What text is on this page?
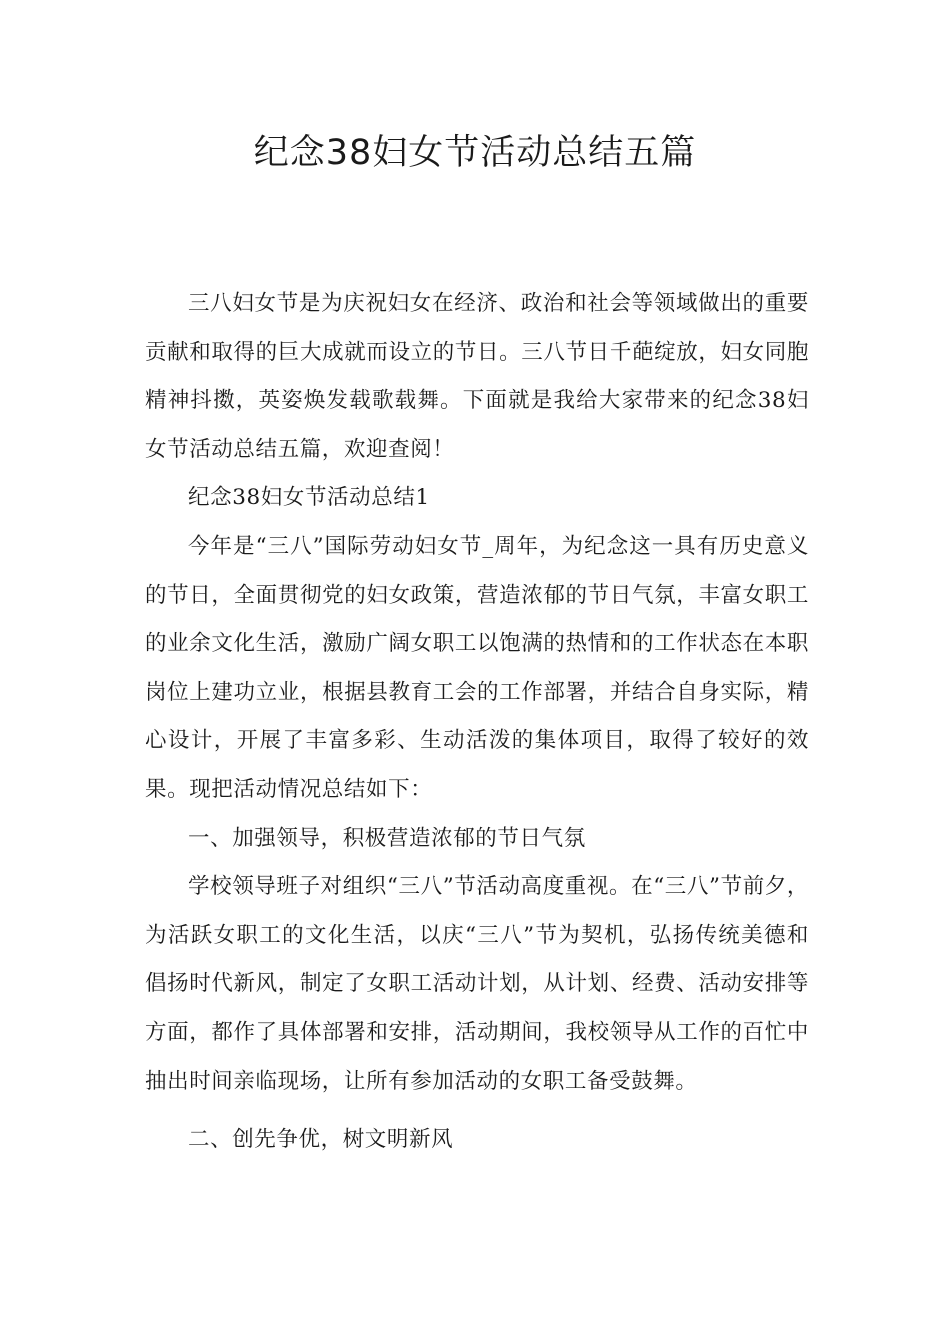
纪念38妇女节活动总结五篇

三八妇女节是为庆祝妇女在经济、政治和社会等领域做出的重要贡献和取得的巨大成就而设立的节日。三八节日千葩绽放，妇女同胞精神抖擞，英姿焕发载歌载舞。下面就是我给大家带来的纪念38妇女节活动总结五篇，欢迎查阅！

纪念38妇女节活动总结1

今年是“三八”国际劳动妇女节_周年，为纪念这一具有历史意义的节日，全面贯彻党的妇女政策，营造浓郁的节日气氛，丰富女职工的业余文化生活，激励广阔女职工以饱满的热情和的工作状态在本职岗位上建功立业，根据县教育工会的工作部署，并结合自身实际，精心设计，开展了丰富多彩、生动活泼的集体项目，取得了较好的效果。现把活动情况总结如下：

一、加强领导，积极营造浓郁的节日气氛

学校领导班子对组织“三八”节活动高度重视。在“三八”节前夕，为活跃女职工的文化生活，以庆“三八”节为契机，弘扬传统美德和倡扬时代新风，制定了女职工活动计划，从计划、经费、活动安排等方面，都作了具体部署和安排，活动期间，我校领导从工作的百忙中抽出时间亲临现场，让所有参加活动的女职工备受鼓舞。

二、创先争优，树文明新风
